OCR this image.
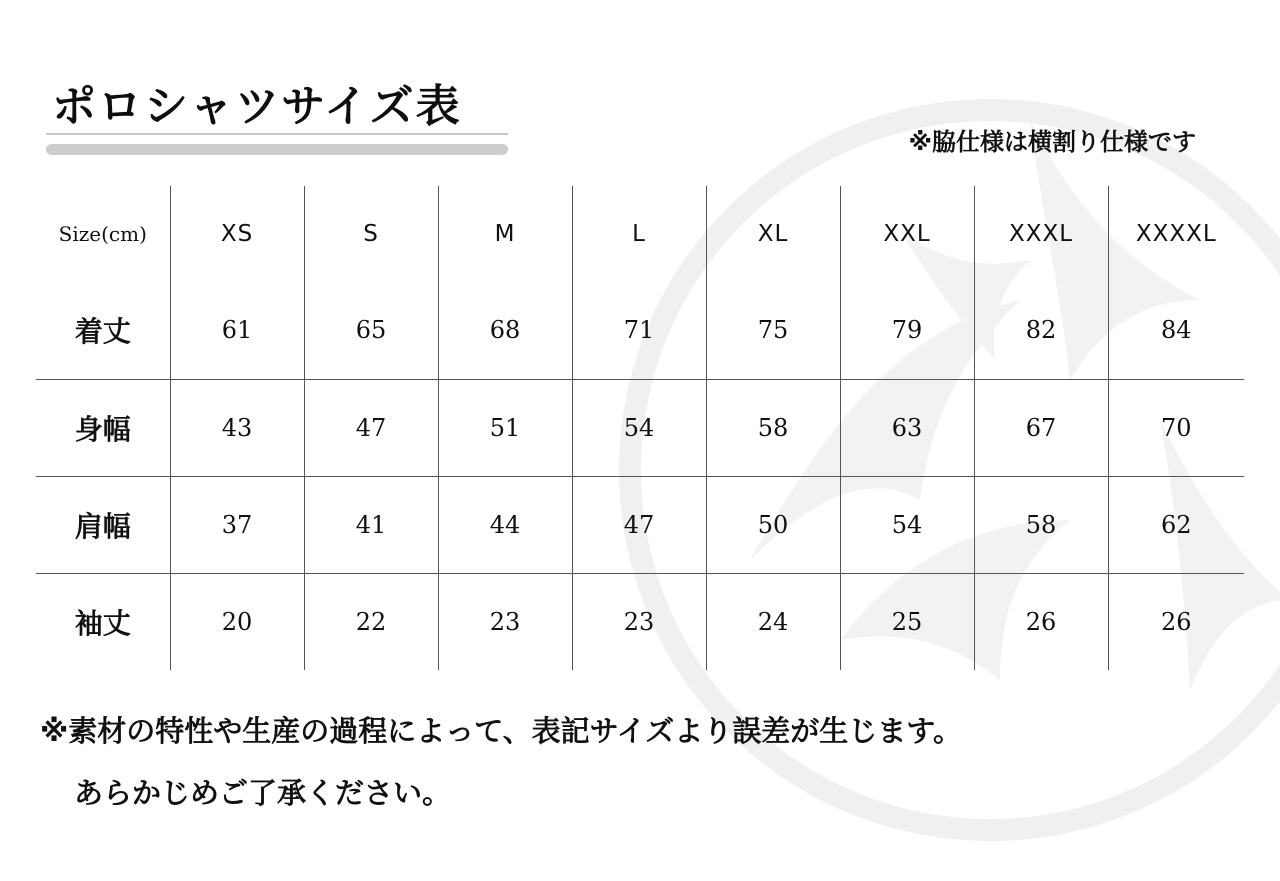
ポロシャツサイズ表
※脇仕様は横割り仕様です
Size(cm)	XS	S	M	L	XL	XXL	XXXL	XXXXL
着丈	61	65	68	71	75	79	82	84
身幅	43	47	51	54	58	63	67	70
肩幅	37	41	44	47	50	54	58	62
袖丈	20	22	23	23	24	25	26	26

※素材の特性や生産の過程によって、表記サイズより誤差が生じます。

あらかじめご了承ください。
